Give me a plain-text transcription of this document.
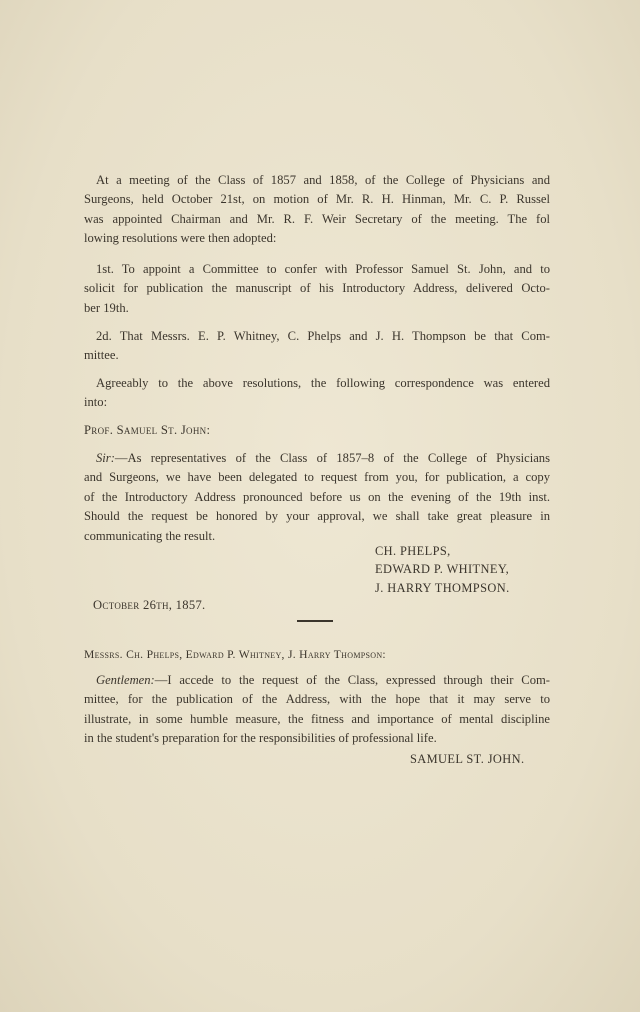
At a meeting of the Class of 1857 and 1858, of the College of Physicians and
Surgeons, held October 21st, on motion of Mr. R. H. Hinman, Mr. C. P. Russel
was appointed Chairman and Mr. R. F. Weir Secretary of the meeting. The fol
lowing resolutions were then adopted:
1st. To appoint a Committee to confer with Professor Samuel St. John, and to
solicit for publication the manuscript of his Introductory Address, delivered Octo-
ber 19th.
2d. That Messrs. E. P. Whitney, C. Phelps and J. H. Thompson be that Com-
mittee.
Agreeably to the above resolutions, the following correspondence was entered
into:
Prof. Samuel St. John:
Sir:—As representatives of the Class of 1857–8 of the College of Physicians
and Surgeons, we have been delegated to request from you, for publication, a copy
of the Introductory Address pronounced before us on the evening of the 19th inst.
Should the request be honored by your approval, we shall take great pleasure in
communicating the result.
CH. PHELPS,
EDWARD P. WHITNEY,
J. HARRY THOMPSON.
October 26th, 1857.
Messrs. Ch. Phelps, Edward P. Whitney, J. Harry Thompson:
Gentlemen:—I accede to the request of the Class, expressed through their Com-
mittee, for the publication of the Address, with the hope that it may serve to
illustrate, in some humble measure, the fitness and importance of mental discipline
in the student's preparation for the responsibilities of professional life.
SAMUEL ST. JOHN.
